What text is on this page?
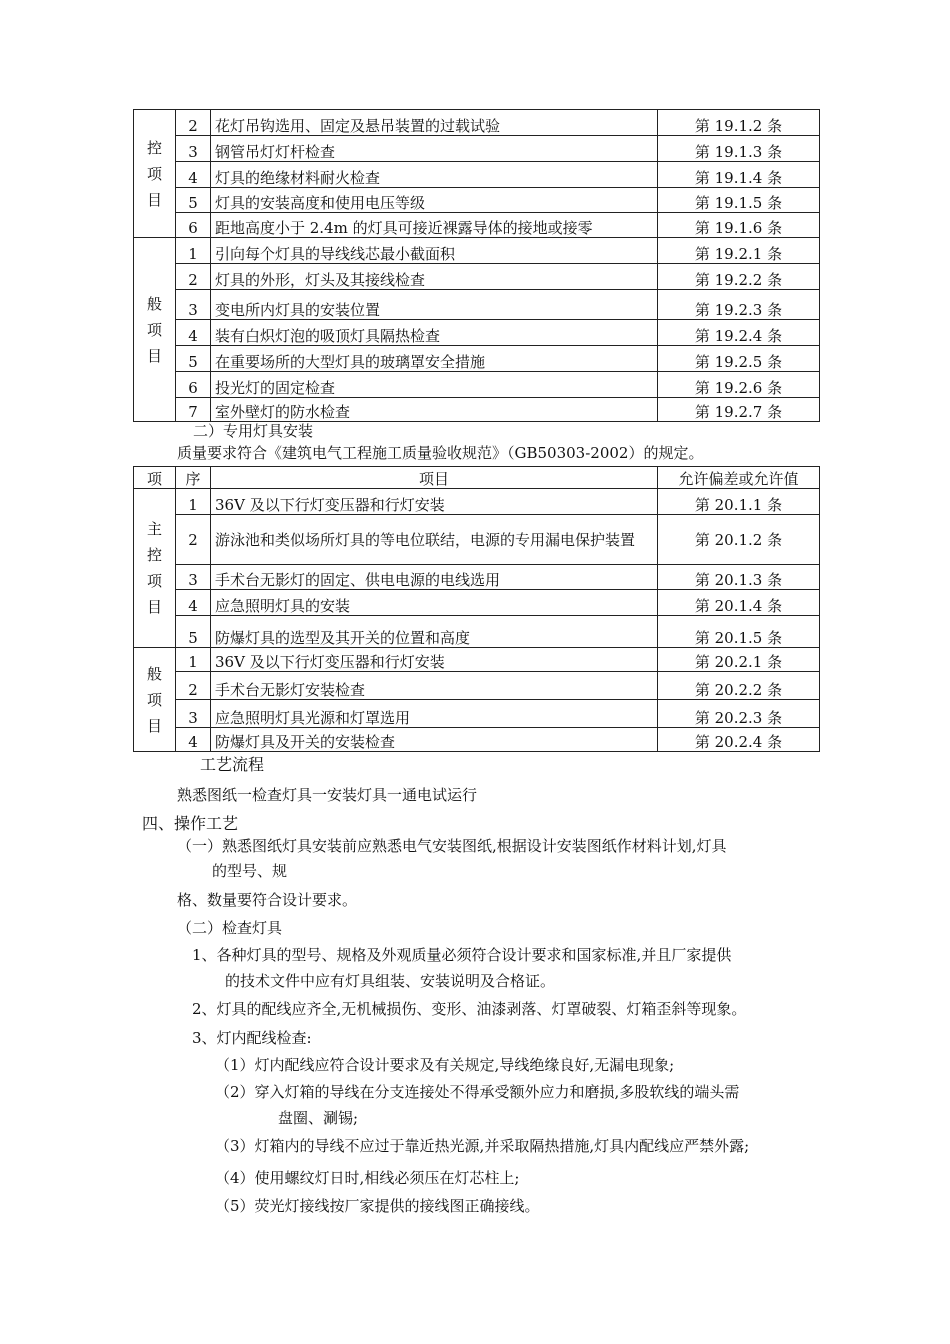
控
项
目	2	花灯吊钩选用、固定及悬吊装置的过载试验	第 19.1.2 条
	3	钢管吊灯灯杆检查	第 19.1.3 条
	4	灯具的绝缘材料耐火检查	第 19.1.4 条
	5	灯具的安装高度和使用电压等级	第 19.1.5 条
	6	距地高度小于 2.4m 的灯具可接近裸露导体的接地或接零	第 19.1.6 条

般
项
目	1	引向每个灯具的导线线芯最小截面积	第 19.2.1 条
	2	灯具的外形，灯头及其接线检查	第 19.2.2 条
	3	变电所内灯具的安装位置	第 19.2.3 条
	4	装有白炽灯泡的吸顶灯具隔热检查	第 19.2.4 条
	5	在重要场所的大型灯具的玻璃罩安全措施	第 19.2.5 条
	6	投光灯的固定检查	第 19.2.6 条
	7	室外壁灯的防水检查	第 19.2.7 条
二）专用灯具安装
质量要求符合《建筑电气工程施工质量验收规范》（GB50303-2002）的规定。
项	序	项目	允许偏差或允许值

主
控
项
目	1	36V 及以下行灯变压器和行灯安装	第 20.1.1 条
	2	游泳池和类似场所灯具的等电位联结，电源的专用漏电保护装置	第 20.1.2 条
	3	手术台无影灯的固定、供电电源的电线选用	第 20.1.3 条
	4	应急照明灯具的安装	第 20.1.4 条
	5	防爆灯具的选型及其开关的位置和高度	第 20.1.5 条

般
项
目	1	36V 及以下行灯变压器和行灯安装	第 20.2.1 条
	2	手术台无影灯安装检查	第 20.2.2 条
	3	应急照明灯具光源和灯罩选用	第 20.2.3 条
	4	防爆灯具及开关的安装检查	第 20.2.4 条
工艺流程
熟悉图纸一检查灯具一安装灯具一通电试运行
四、操作工艺
（一）熟悉图纸灯具安装前应熟悉电气安装图纸,根据设计安装图纸作材料计划,灯具
的型号、规
格、数量要符合设计要求。
（二）检查灯具
1、各种灯具的型号、规格及外观质量必须符合设计要求和国家标准,并且厂家提供
的技术文件中应有灯具组装、安装说明及合格证。
2、灯具的配线应齐全,无机械损伤、变形、油漆剥落、灯罩破裂、灯箱歪斜等现象。
3、灯内配线检查:
（1）灯内配线应符合设计要求及有关规定,导线绝缘良好,无漏电现象;
（2）穿入灯箱的导线在分支连接处不得承受额外应力和磨损,多股软线的端头需
盘圈、涮锡;
（3）灯箱内的导线不应过于靠近热光源,并采取隔热措施,灯具内配线应严禁外露;
（4）使用螺纹灯日时,相线必须压在灯芯柱上;
（5）荧光灯接线按厂家提供的接线图正确接线。
